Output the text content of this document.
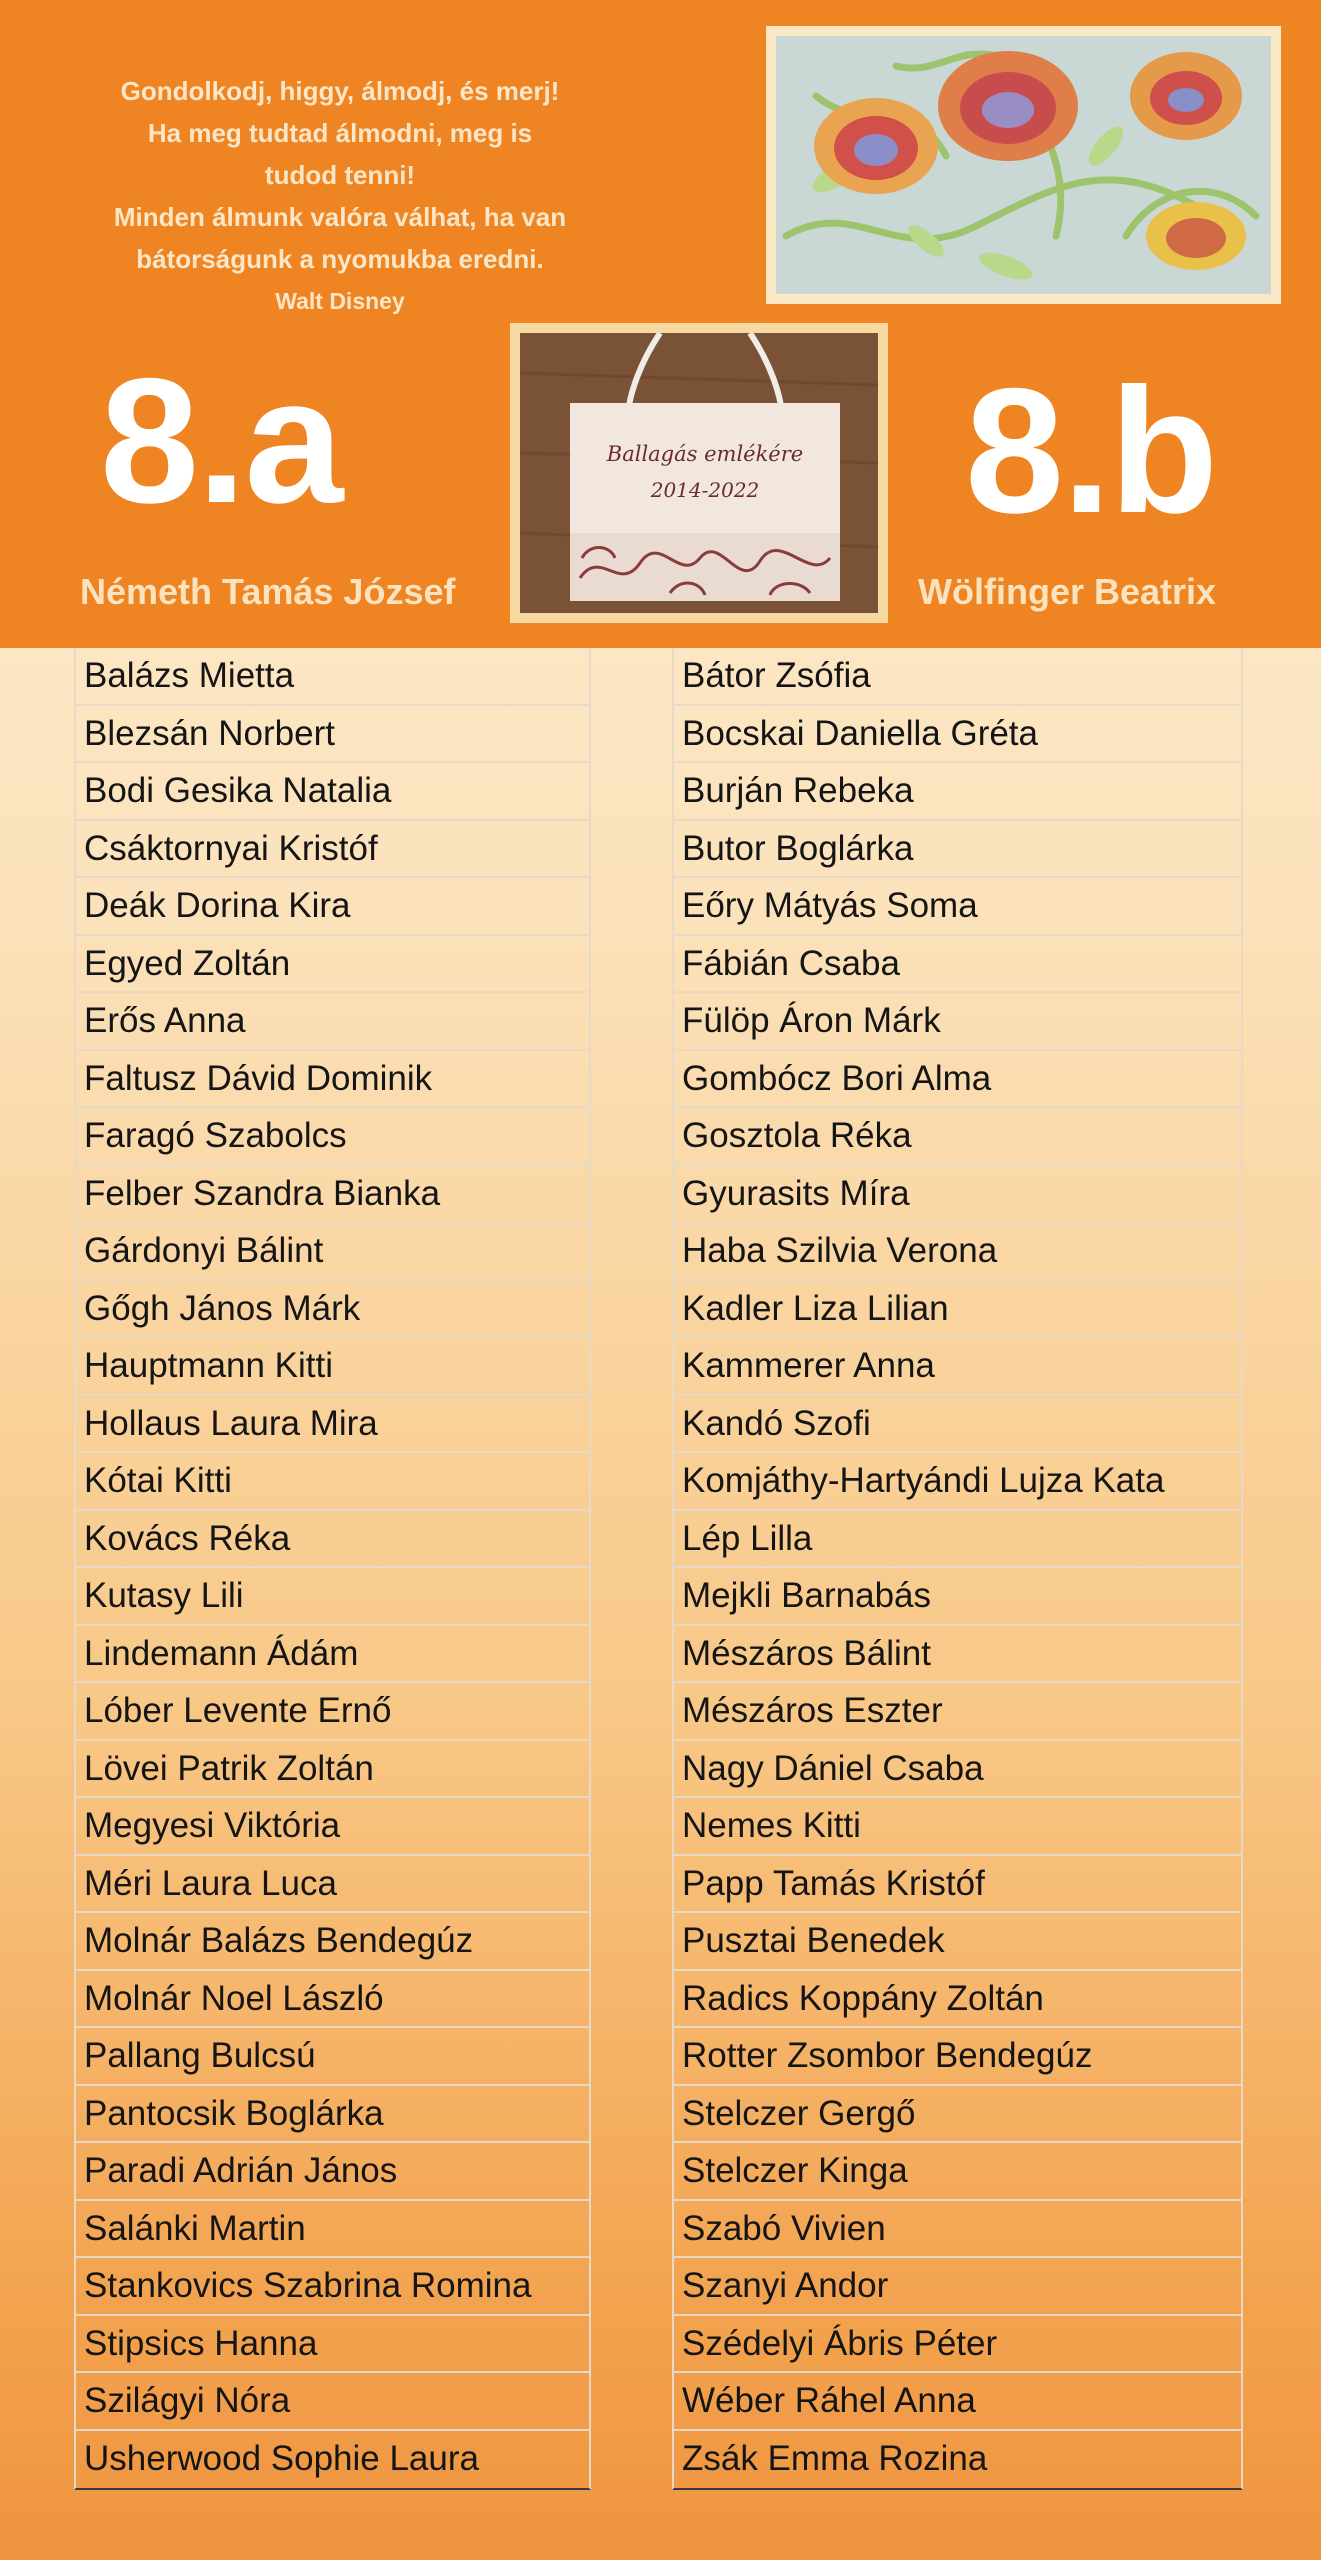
Gondolkodj, higgy, álmodj, és merj!
Ha meg tudtad álmodni, meg is
tudod tenni!
Minden álmunk valóra válhat, ha van
bátorságunk a nyomukba eredni.
Walt Disney
Ballagás emlékére
2014-2022
8.a	8.b
Németh Tamás József	Wölfinger Beatrix
Balázs Mietta
Blezsán Norbert
Bodi Gesika Natalia
Csáktornyai Kristóf
Deák Dorina Kira
Egyed Zoltán
Erős Anna
Faltusz Dávid Dominik
Faragó Szabolcs
Felber Szandra Bianka
Gárdonyi Bálint
Gőgh János Márk
Hauptmann Kitti
Hollaus Laura Mira
Kótai Kitti
Kovács Réka
Kutasy Lili
Lindemann Ádám
Lóber Levente Ernő
Lövei Patrik Zoltán
Megyesi Viktória
Méri Laura Luca
Molnár Balázs Bendegúz
Molnár Noel László
Pallang Bulcsú
Pantocsik Boglárka
Paradi Adrián János
Salánki Martin
Stankovics Szabrina Romina
Stipsics Hanna
Szilágyi Nóra
Usherwood Sophie Laura
Bátor Zsófia
Bocskai Daniella Gréta
Burján Rebeka
Butor Boglárka
Eőry Mátyás Soma
Fábián Csaba
Fülöp Áron Márk
Gombócz Bori Alma
Gosztola Réka
Gyurasits Míra
Haba Szilvia Verona
Kadler Liza Lilian
Kammerer Anna
Kandó Szofi
Komjáthy-Hartyándi Lujza Kata
Lép Lilla
Mejkli Barnabás
Mészáros Bálint
Mészáros Eszter
Nagy Dániel Csaba
Nemes Kitti
Papp Tamás Kristóf
Pusztai Benedek
Radics Koppány Zoltán
Rotter Zsombor Bendegúz
Stelczer Gergő
Stelczer Kinga
Szabó Vivien
Szanyi Andor
Szédelyi Ábris Péter
Wéber Ráhel Anna
Zsák Emma Rozina
